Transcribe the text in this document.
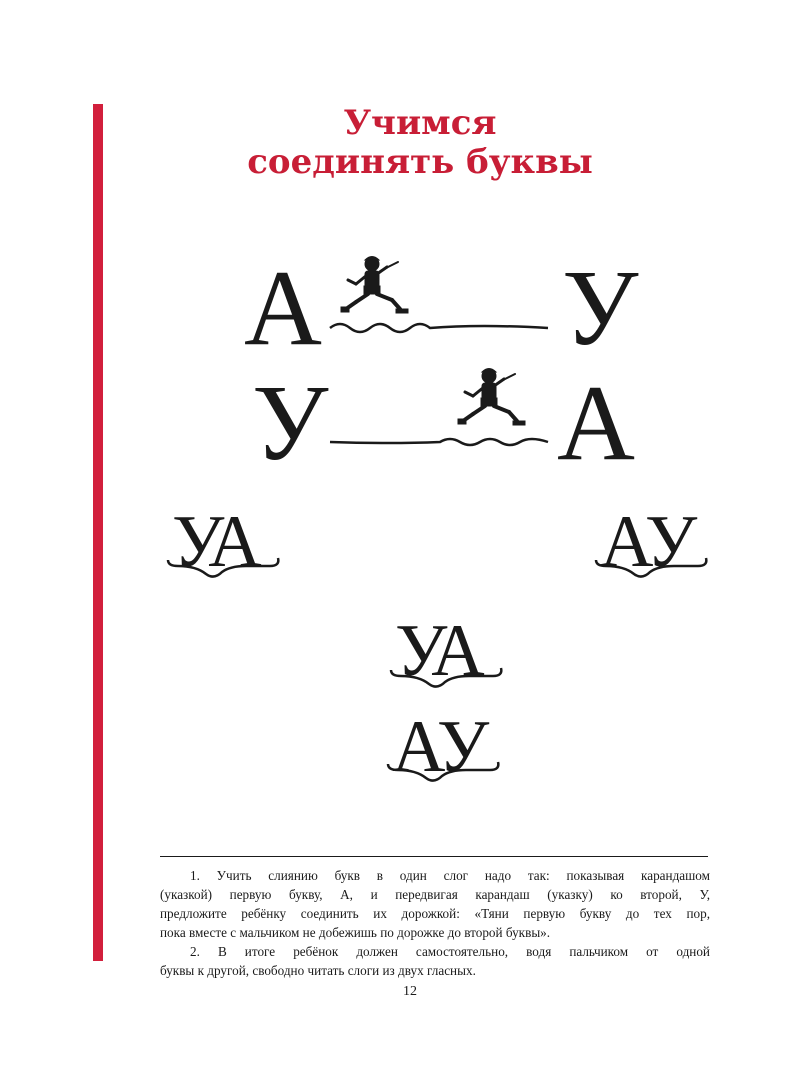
Учимся
соединять буквы
А У
У А
УА	АУ
УА
АУ
1. Учить слиянию букв в один слог надо так: показывая карандашом
(указкой) первую букву, А, и передвигая карандаш (указку) ко второй, У,
предложите ребёнку соединить их дорожкой: «Тяни первую букву до тех пор,
пока вместе с мальчиком не добежишь по дорожке до второй буквы».
2. В итоге ребёнок должен самостоятельно, водя пальчиком от одной
буквы к другой, свободно читать слоги из двух гласных.
12
